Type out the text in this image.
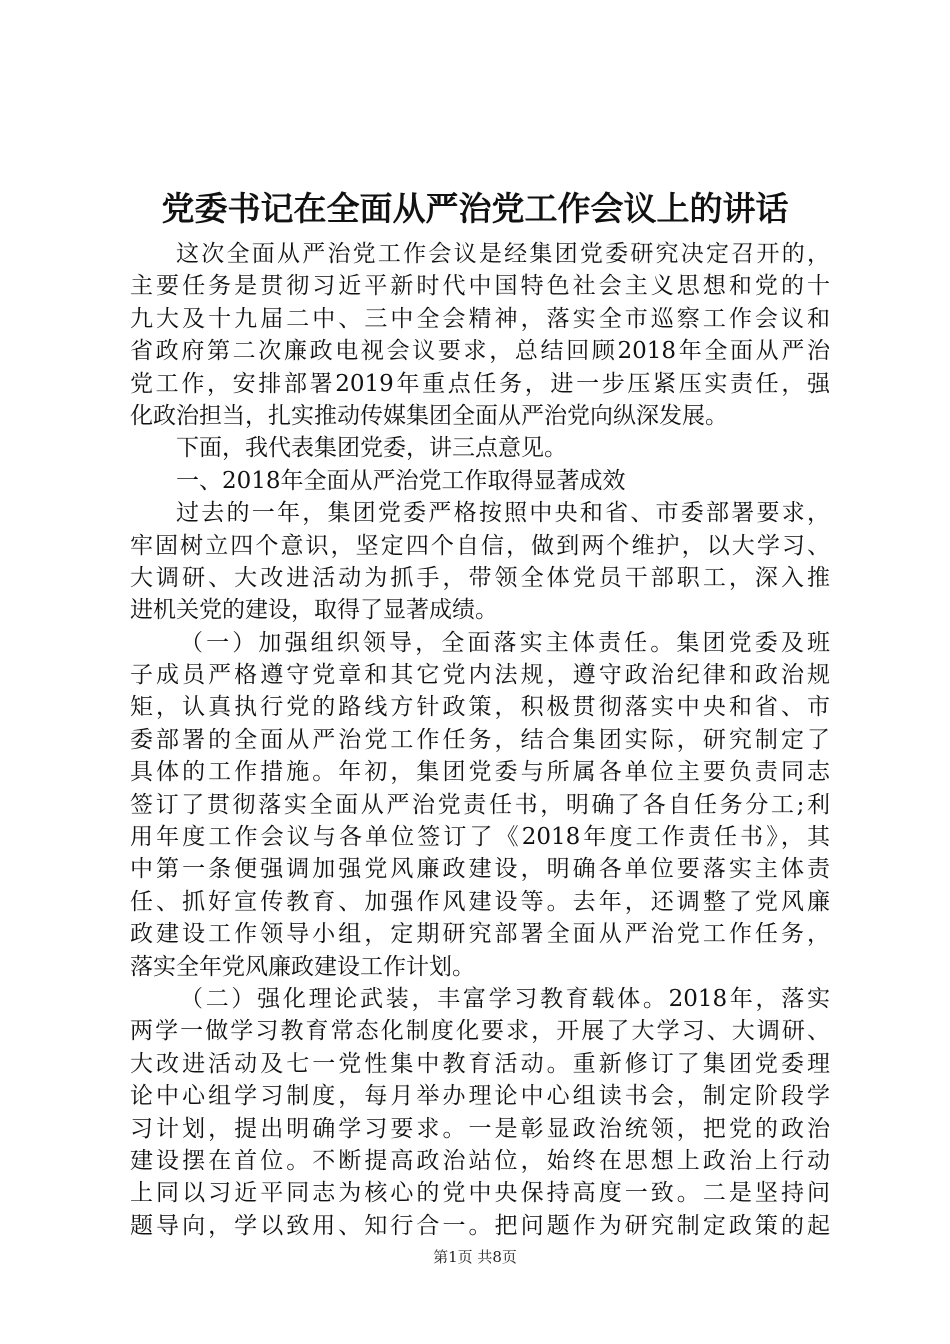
党委书记在全面从严治党工作会议上的讲话
这次全面从严治党工作会议是经集团党委研究决定召开的，
主要任务是贯彻习近平新时代中国特色社会主义思想和党的十
九大及十九届二中、三中全会精神，落实全市巡察工作会议和
省政府第二次廉政电视会议要求，总结回顾2018年全面从严治
党工作，安排部署2019年重点任务，进一步压紧压实责任，强
化政治担当，扎实推动传媒集团全面从严治党向纵深发展。
下面，我代表集团党委，讲三点意见。
一、2018年全面从严治党工作取得显著成效
过去的一年，集团党委严格按照中央和省、市委部署要求，
牢固树立四个意识，坚定四个自信，做到两个维护，以大学习、
大调研、大改进活动为抓手，带领全体党员干部职工，深入推
进机关党的建设，取得了显著成绩。
（一）加强组织领导，全面落实主体责任。集团党委及班
子成员严格遵守党章和其它党内法规，遵守政治纪律和政治规
矩，认真执行党的路线方针政策，积极贯彻落实中央和省、市
委部署的全面从严治党工作任务，结合集团实际，研究制定了
具体的工作措施。年初，集团党委与所属各单位主要负责同志
签订了贯彻落实全面从严治党责任书，明确了各自任务分工;利
用年度工作会议与各单位签订了《2018年度工作责任书》，其
中第一条便强调加强党风廉政建设，明确各单位要落实主体责
任、抓好宣传教育、加强作风建设等。去年，还调整了党风廉
政建设工作领导小组，定期研究部署全面从严治党工作任务，
落实全年党风廉政建设工作计划。
（二）强化理论武装，丰富学习教育载体。2018年，落实
两学一做学习教育常态化制度化要求，开展了大学习、大调研、
大改进活动及七一党性集中教育活动。重新修订了集团党委理
论中心组学习制度，每月举办理论中心组读书会，制定阶段学
习计划，提出明确学习要求。一是彰显政治统领，把党的政治
建设摆在首位。不断提高政治站位，始终在思想上政治上行动
上同以习近平同志为核心的党中央保持高度一致。二是坚持问
题导向，学以致用、知行合一。把问题作为研究制定政策的起
第1页 共8页
